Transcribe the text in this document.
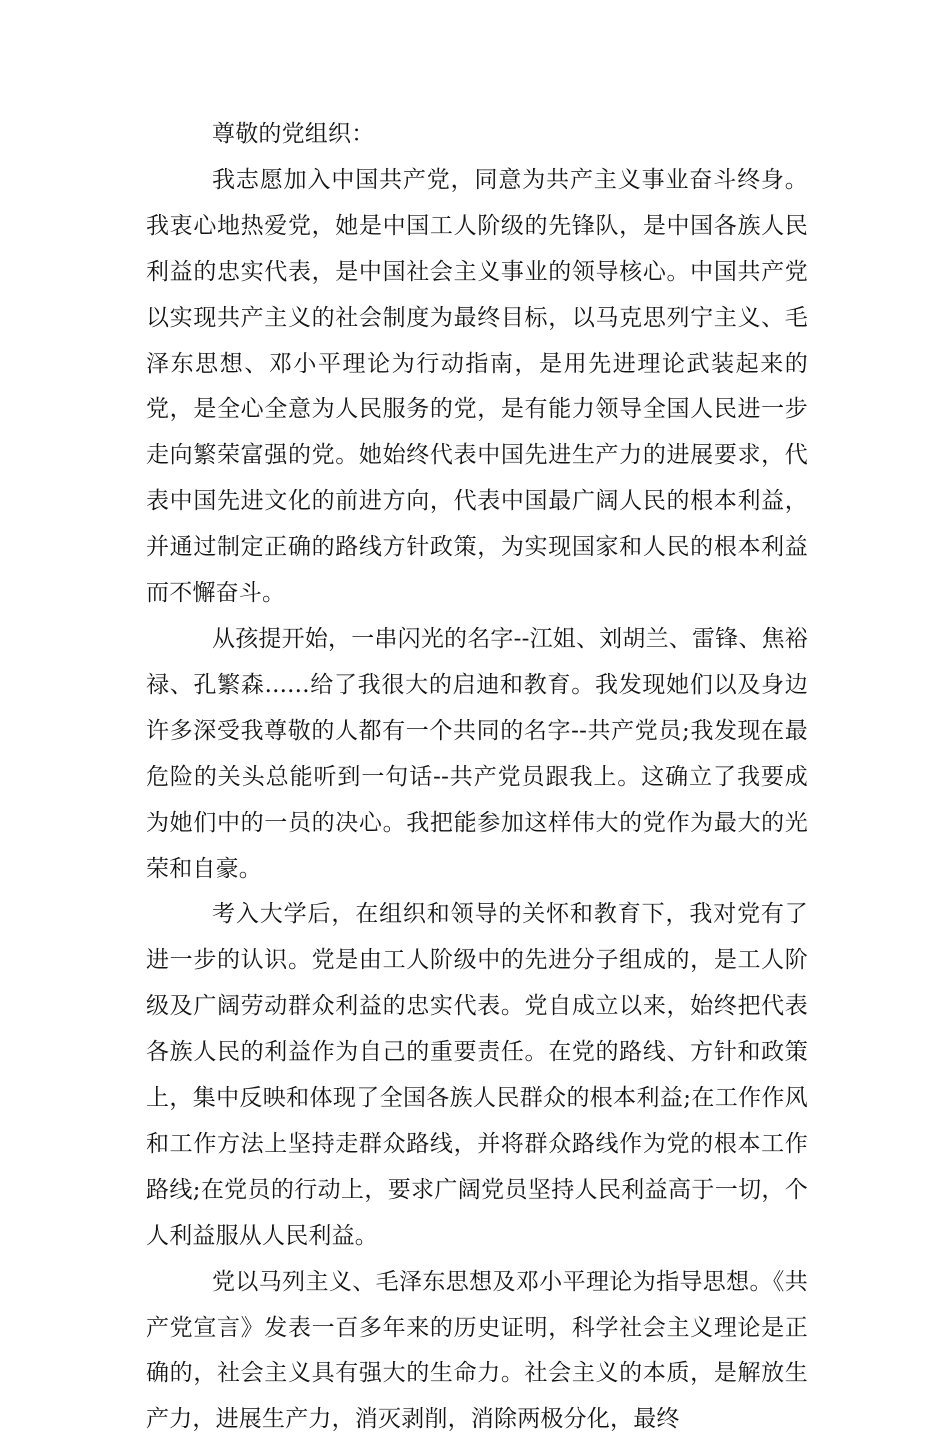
尊敬的党组织：

我志愿加入中国共产党，同意为共产主义事业奋斗终身。我衷心地热爱党，她是中国工人阶级的先锋队，是中国各族人民利益的忠实代表，是中国社会主义事业的领导核心。中国共产党以实现共产主义的社会制度为最终目标，以马克思列宁主义、毛泽东思想、邓小平理论为行动指南，是用先进理论武装起来的党，是全心全意为人民服务的党，是有能力领导全国人民进一步走向繁荣富强的党。她始终代表中国先进生产力的进展要求，代表中国先进文化的前进方向，代表中国最广阔人民的根本利益，并通过制定正确的路线方针政策，为实现国家和人民的根本利益而不懈奋斗。

从孩提开始，一串闪光的名字--江姐、刘胡兰、雷锋、焦裕禄、孔繁森......给了我很大的启迪和教育。我发现她们以及身边许多深受我尊敬的人都有一个共同的名字--共产党员;我发现在最危险的关头总能听到一句话--共产党员跟我上。这确立了我要成为她们中的一员的决心。我把能参加这样伟大的党作为最大的光荣和自豪。

考入大学后，在组织和领导的关怀和教育下，我对党有了进一步的认识。党是由工人阶级中的先进分子组成的，是工人阶级及广阔劳动群众利益的忠实代表。党自成立以来，始终把代表各族人民的利益作为自己的重要责任。在党的路线、方针和政策上，集中反映和体现了全国各族人民群众的根本利益;在工作作风和工作方法上坚持走群众路线，并将群众路线作为党的根本工作路线;在党员的行动上，要求广阔党员坚持人民利益高于一切，个人利益服从人民利益。

党以马列主义、毛泽东思想及邓小平理论为指导思想。《共产党宣言》发表一百多年来的历史证明，科学社会主义理论是正确的，社会主义具有强大的生命力。社会主义的本质，是解放生产力，进展生产力，消灭剥削，消除两极分化，最终
